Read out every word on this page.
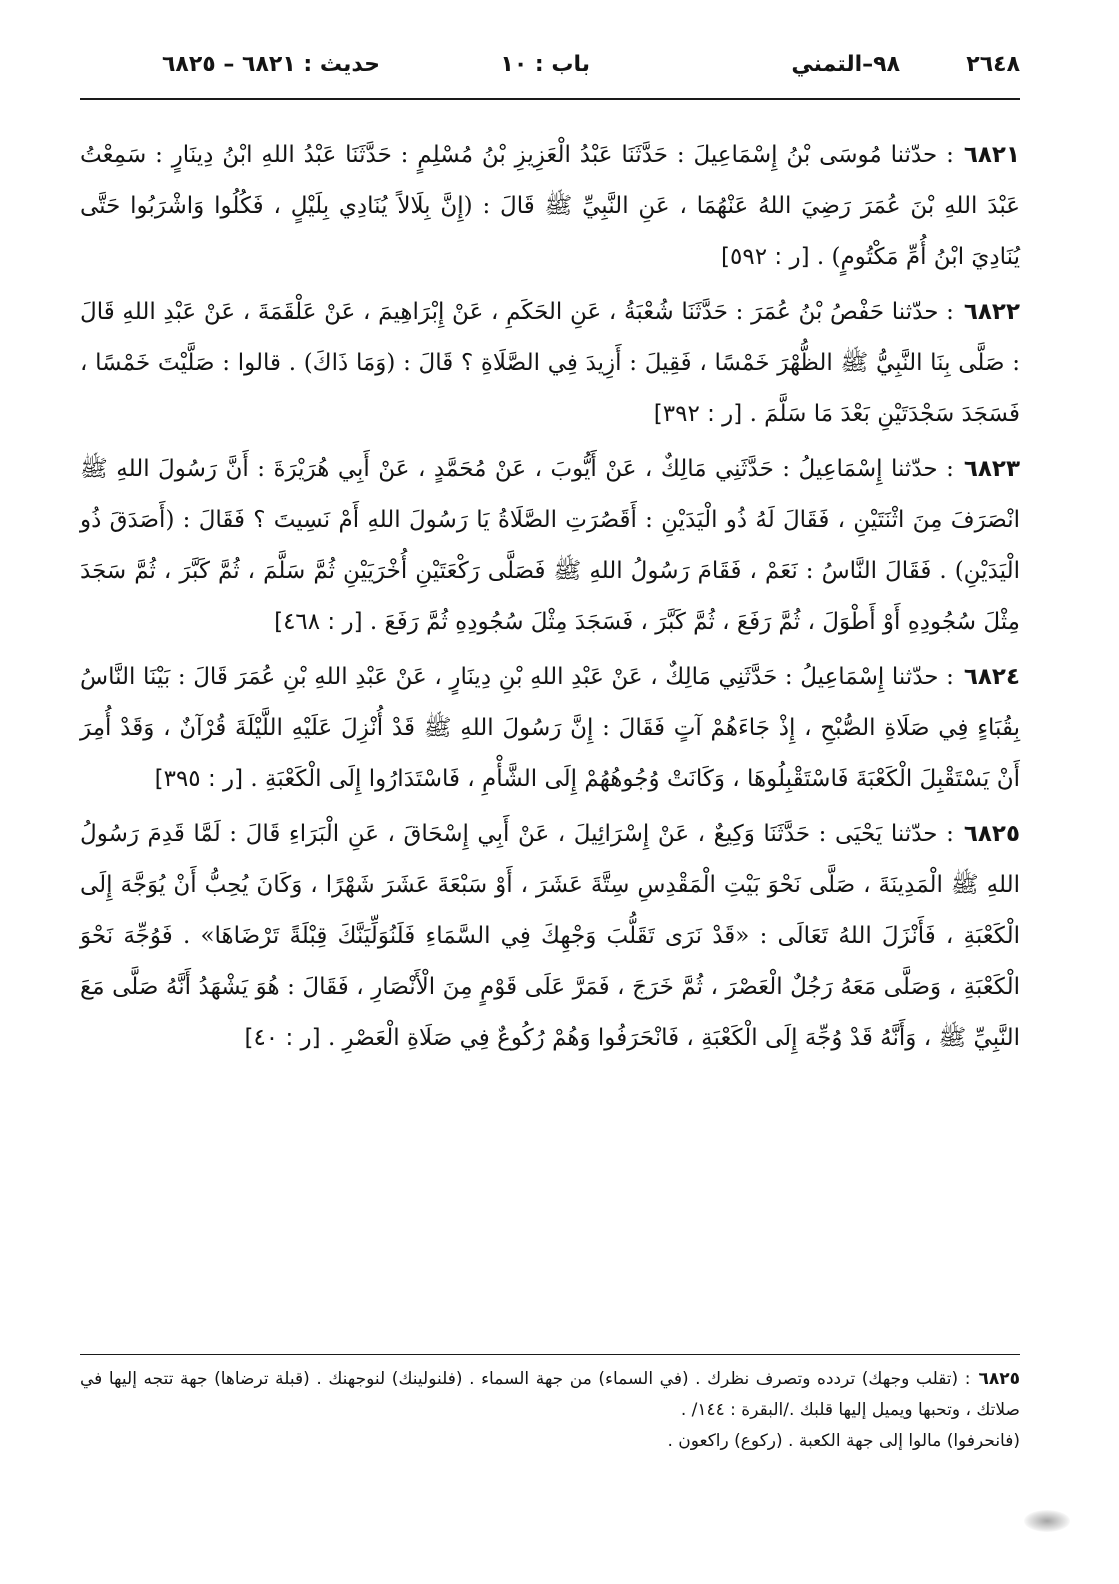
٢٦٤٨
٩٨–التمني
باب : ١٠
حديث : ٦٨٢١ – ٦٨٢٥

٦٨٢١: حدّثنا مُوسَى بْنُ إِسْمَاعِيلَ : حَدَّثَنَا عَبْدُ الْعَزِيزِ بْنُ مُسْلِمٍ : حَدَّثَنَا عَبْدُ اللهِ ابْنُ دِينَارٍ : سَمِعْتُ عَبْدَ اللهِ بْنَ عُمَرَ رَضِيَ اللهُ عَنْهُمَا ، عَنِ النَّبِيِّ ﷺ قَالَ : (إِنَّ بِلَالاً يُنَادِي بِلَيْلٍ ، فَكُلُوا وَاشْرَبُوا حَتَّى يُنَادِيَ ابْنُ أُمِّ مَكْتُومٍ) . [ر : ٥٩٢]

٦٨٢٢: حدّثنا حَفْصُ بْنُ عُمَرَ : حَدَّثَنَا شُعْبَةُ ، عَنِ الحَكَمِ ، عَنْ إِبْرَاهِيمَ ، عَنْ عَلْقَمَةَ ، عَنْ عَبْدِ اللهِ قَالَ : صَلَّى بِنَا النَّبِيُّ ﷺ الظُّهْرَ خَمْسًا ، فَقِيلَ : أَزِيدَ فِي الصَّلَاةِ ؟ قَالَ : (وَمَا ذَاكَ) . قالوا : صَلَّيْتَ خَمْسًا ، فَسَجَدَ سَجْدَتَيْنِ بَعْدَ مَا سَلَّمَ . [ر : ٣٩٢]

٦٨٢٣: حدّثنا إِسْمَاعِيلُ : حَدَّثَنِي مَالِكٌ ، عَنْ أَيُّوبَ ، عَنْ مُحَمَّدٍ ، عَنْ أَبِي هُرَيْرَةَ : أَنَّ رَسُولَ اللهِ ﷺ انْصَرَفَ مِنَ اثْنَتَيْنِ ، فَقَالَ لَهُ ذُو الْيَدَيْنِ : أَقَصُرَتِ الصَّلَاةُ يَا رَسُولَ اللهِ أَمْ نَسِيتَ ؟ فَقَالَ : (أَصَدَقَ ذُو الْيَدَيْنِ) . فَقَالَ النَّاسُ : نَعَمْ ، فَقَامَ رَسُولُ اللهِ ﷺ فَصَلَّى رَكْعَتَيْنِ أُخْرَيَيْنِ ثُمَّ سَلَّمَ ، ثُمَّ كَبَّرَ ، ثُمَّ سَجَدَ مِثْلَ سُجُودِهِ أَوْ أَطْوَلَ ، ثُمَّ رَفَعَ ، ثُمَّ كَبَّرَ ، فَسَجَدَ مِثْلَ سُجُودِهِ ثُمَّ رَفَعَ . [ر : ٤٦٨]

٦٨٢٤: حدّثنا إِسْمَاعِيلُ : حَدَّثَنِي مَالِكٌ ، عَنْ عَبْدِ اللهِ بْنِ دِينَارٍ ، عَنْ عَبْدِ اللهِ بْنِ عُمَرَ قَالَ : بَيْنَا النَّاسُ بِقُبَاءٍ فِي صَلَاةِ الصُّبْحِ ، إِذْ جَاءَهُمْ آتٍ فَقَالَ : إِنَّ رَسُولَ اللهِ ﷺ قَدْ أُنْزِلَ عَلَيْهِ اللَّيْلَةَ قُرْآنٌ ، وَقَدْ أُمِرَ أَنْ يَسْتَقْبِلَ الْكَعْبَةَ فَاسْتَقْبِلُوهَا ، وَكَانَتْ وُجُوهُهُمْ إِلَى الشَّأْمِ ، فَاسْتَدَارُوا إِلَى الْكَعْبَةِ . [ر : ٣٩٥]

٦٨٢٥: حدّثنا يَحْيَى : حَدَّثَنَا وَكِيعٌ ، عَنْ إِسْرَائِيلَ ، عَنْ أَبِي إِسْحَاقَ ، عَنِ الْبَرَاءِ قَالَ : لَمَّا قَدِمَ رَسُولُ اللهِ ﷺ الْمَدِينَةَ ، صَلَّى نَحْوَ بَيْتِ الْمَقْدِسِ سِتَّةَ عَشَرَ ، أَوْ سَبْعَةَ عَشَرَ شَهْرًا ، وَكَانَ يُحِبُّ أَنْ يُوَجَّهَ إِلَى الْكَعْبَةِ ، فَأَنْزَلَ اللهُ تَعَالَى : «قَدْ نَرَى تَقَلُّبَ وَجْهِكَ فِي السَّمَاءِ فَلَنُوَلِّيَنَّكَ قِبْلَةً تَرْضَاهَا» . فَوُجِّهَ نَحْوَ الْكَعْبَةِ ، وَصَلَّى مَعَهُ رَجُلٌ الْعَصْرَ ، ثُمَّ خَرَجَ ، فَمَرَّ عَلَى قَوْمٍ مِنَ الْأَنْصَارِ ، فَقَالَ : هُوَ يَشْهَدُ أَنَّهُ صَلَّى مَعَ النَّبِيِّ ﷺ ، وَأَنَّهُ قَدْ وُجِّهَ إِلَى الْكَعْبَةِ ، فَانْحَرَفُوا وَهُمْ رُكُوعٌ فِي صَلَاةِ الْعَصْرِ . [ر : ٤٠]

٦٨٢٥: (تقلب وجهك) تردده وتصرف نظرك . (في السماء) من جهة السماء . (فلنولينك) لنوجهنك . (قبلة ترضاها) جهة تتجه إليها في صلاتك ، وتحبها ويميل إليها قلبك ./البقرة : ١٤٤/ .

(فانحرفوا) مالوا إلى جهة الكعبة . (ركوع) راكعون .
